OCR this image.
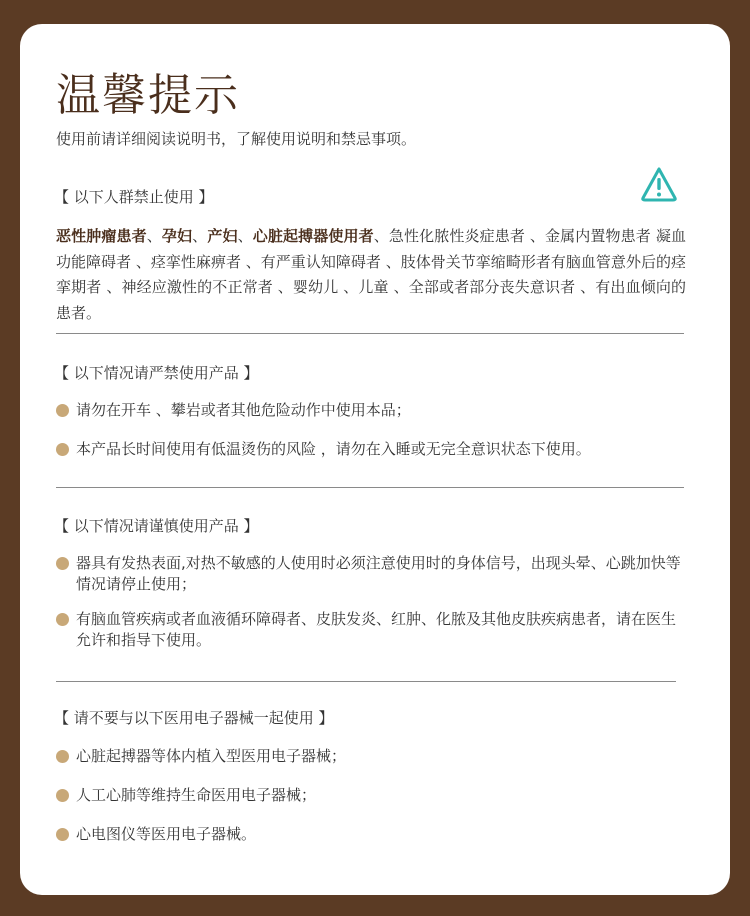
温馨提示

使用前请详细阅读说明书，了解使用说明和禁忌事项。

【 以下人群禁止使用 】

恶性肿瘤患者、孕妇、产妇、心脏起搏器使用者、急性化脓性炎症患者 、金属内置物患者 凝血功能障碍者 、痉挛性麻痹者 、有严重认知障碍者 、肢体骨关节挛缩畸形者有脑血管意外后的痉挛期者 、神经应激性的不正常者 、婴幼儿 、儿童 、全部或者部分丧失意识者 、有出血倾向的患者。

【 以下情况请严禁使用产品 】
请勿在开车 、攀岩或者其他危险动作中使用本品；
本产品长时间使用有低温烫伤的风险 ，请勿在入睡或无完全意识状态下使用。
【 以下情况请谨慎使用产品 】
器具有发热表面,对热不敏感的人使用时必须注意使用时的身体信号，出现头晕、心跳加快等情况请停止使用；
有脑血管疾病或者血液循环障碍者、皮肤发炎、红肿、化脓及其他皮肤疾病患者，请在医生允许和指导下使用。
【 请不要与以下医用电子器械一起使用 】
心脏起搏器等体内植入型医用电子器械；
人工心肺等维持生命医用电子器械；
心电图仪等医用电子器械。
